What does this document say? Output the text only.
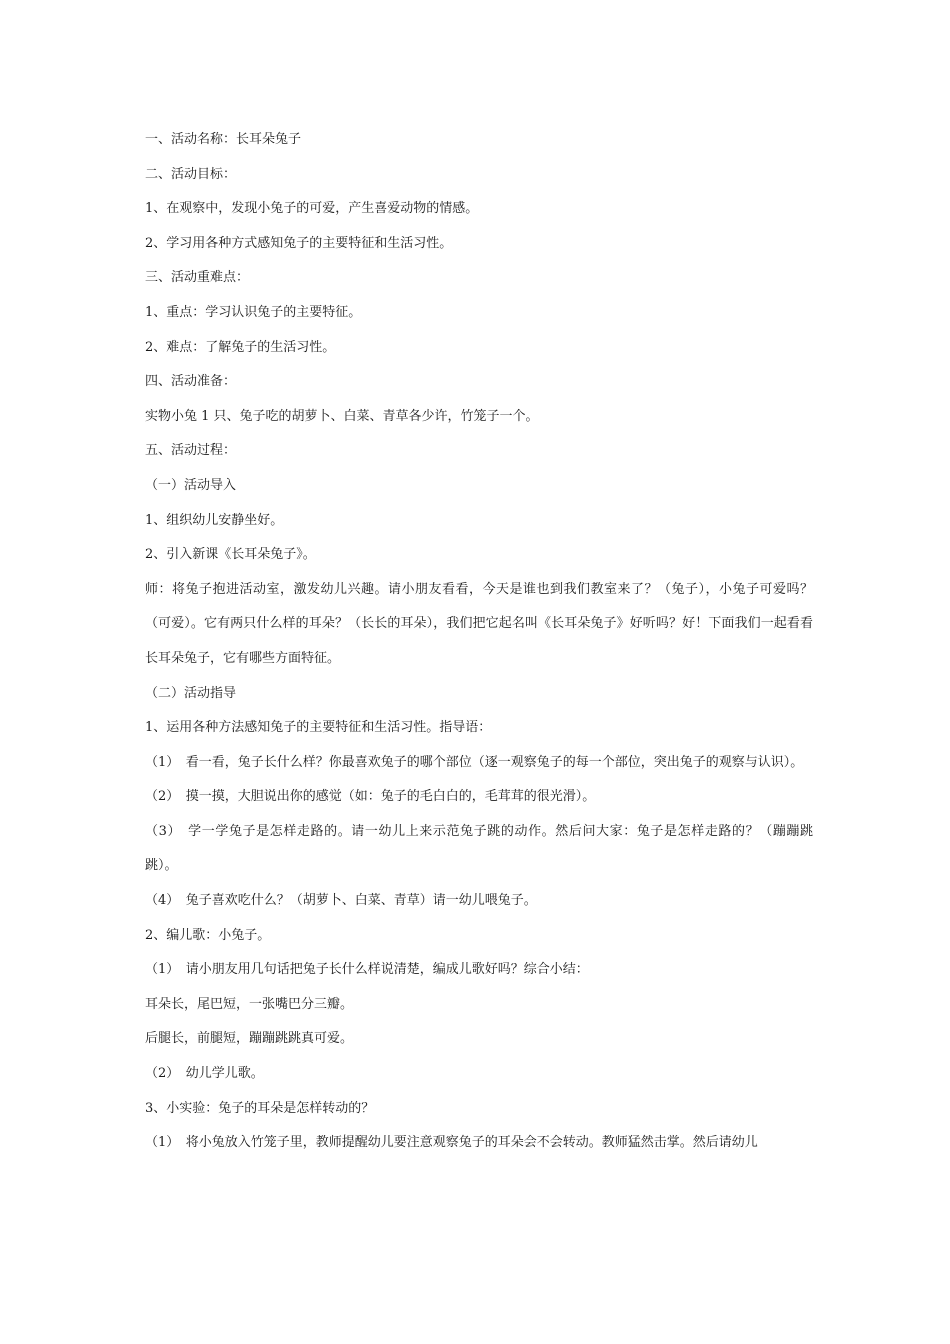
一、活动名称：长耳朵兔子

二、活动目标：

1、在观察中，发现小兔子的可爱，产生喜爱动物的情感。

2、学习用各种方式感知兔子的主要特征和生活习性。

三、活动重难点：

1、重点：学习认识兔子的主要特征。

2、难点：了解兔子的生活习性。

四、活动准备：

实物小兔 1 只、兔子吃的胡萝卜、白菜、青草各少许，竹笼子一个。

五、活动过程：

（一）活动导入

1、组织幼儿安静坐好。

2、引入新课《长耳朵兔子》。

师：将兔子抱进活动室，激发幼儿兴趣。请小朋友看看，今天是谁也到我们教室来了？（兔子），小兔子可爱吗？（可爱）。它有两只什么样的耳朵？（长长的耳朵），我们把它起名叫《长耳朵兔子》好听吗？好！下面我们一起看看长耳朵兔子，它有哪些方面特征。

（二）活动指导

1、运用各种方法感知兔子的主要特征和生活习性。指导语：

（1）　看一看，兔子长什么样？你最喜欢兔子的哪个部位（逐一观察兔子的每一个部位，突出兔子的观察与认识）。

（2）　摸一摸，大胆说出你的感觉（如：兔子的毛白白的，毛茸茸的很光滑）。

（3）　学一学兔子是怎样走路的。请一幼儿上来示范兔子跳的动作。然后问大家：兔子是怎样走路的？（蹦蹦跳跳）。

（4）　兔子喜欢吃什么？（胡萝卜、白菜、青草）请一幼儿喂兔子。

2、编儿歌：小兔子。

（1）　请小朋友用几句话把兔子长什么样说清楚，编成儿歌好吗？综合小结：

耳朵长，尾巴短，一张嘴巴分三瓣。

后腿长，前腿短，蹦蹦跳跳真可爱。

（2）　幼儿学儿歌。

3、小实验：兔子的耳朵是怎样转动的？

（1）　将小兔放入竹笼子里，教师提醒幼儿要注意观察兔子的耳朵会不会转动。教师猛然击掌。然后请幼儿
